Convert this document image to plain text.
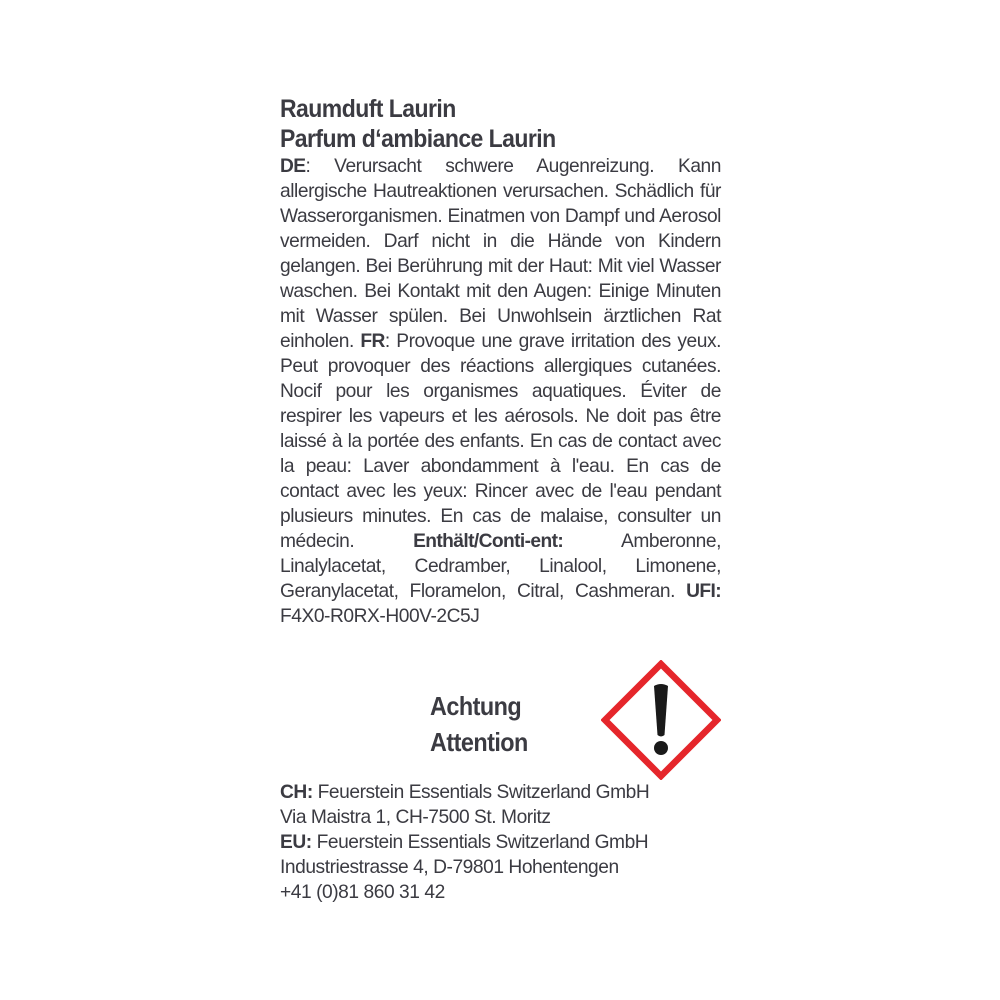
Raumduft Laurin
Parfum d‘ambiance Laurin

DE: Verursacht schwere Augenreizung. Kann allergische Hautreaktionen verursachen. Schädlich für Wasserorganismen. Einatmen von Dampf und Aerosol vermeiden. Darf nicht in die Hände von Kindern gelangen. Bei Berührung mit der Haut: Mit viel Wasser waschen. Bei Kontakt mit den Augen: Einige Minuten mit Wasser spülen. Bei Unwohlsein ärztlichen Rat einholen. FR: Provoque une grave irritation des yeux. Peut provoquer des réactions allergiques cutanées. Nocif pour les organismes aquatiques. Éviter de respirer les vapeurs et les aérosols. Ne doit pas être laissé à la portée des enfants. En cas de contact avec la peau: Laver abondamment à l'eau. En cas de contact avec les yeux: Rincer avec de l'eau pendant plusieurs minutes. En cas de malaise, consulter un médecin.	Enthält/Conti-ent:	Amberonne, Linalylacetat, Cedramber, Linalool, Limonene, Geranylacetat, Floramelon, Citral, Cashmeran. UFI: F4X0-R0RX-H00V-2C5J

Achtung
Attention
CH: Feuerstein Essentials Switzerland GmbH
Via Maistra 1, CH-7500 St. Moritz
EU: Feuerstein Essentials Switzerland GmbH
Industriestrasse 4, D-79801 Hohentengen
+41 (0)81 860 31 42
